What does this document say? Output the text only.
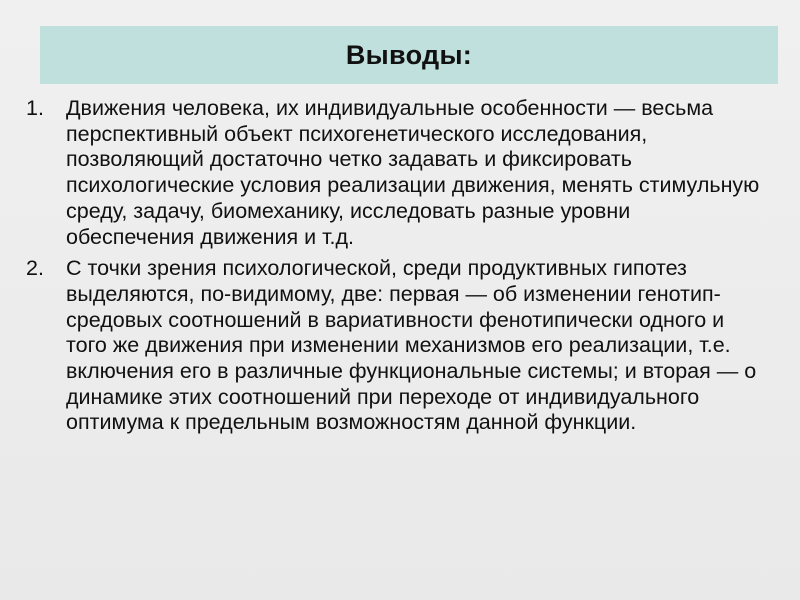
Выводы:
1.	Движения человека, их индивидуальные особенности — весьма перспективный объект психогенетического исследования, позволяющий достаточно четко задавать и фиксировать психологические условия реализации движения, менять стимульную среду, задачу, биомеханику, исследовать разные уровни обеспечения движения и т.д.
2.	С точки зрения психологической, среди продуктивных гипотез выделяются, по-видимому, две: первая — об изменении генотип-средовых соотношений в вариативности фенотипически одного и того же движения при изменении механизмов его реализации, т.е. включения его в различные функциональные системы; и вторая — о динамике этих соотношений при переходе от индивидуального оптимума к предельным возможностям данной функции.
